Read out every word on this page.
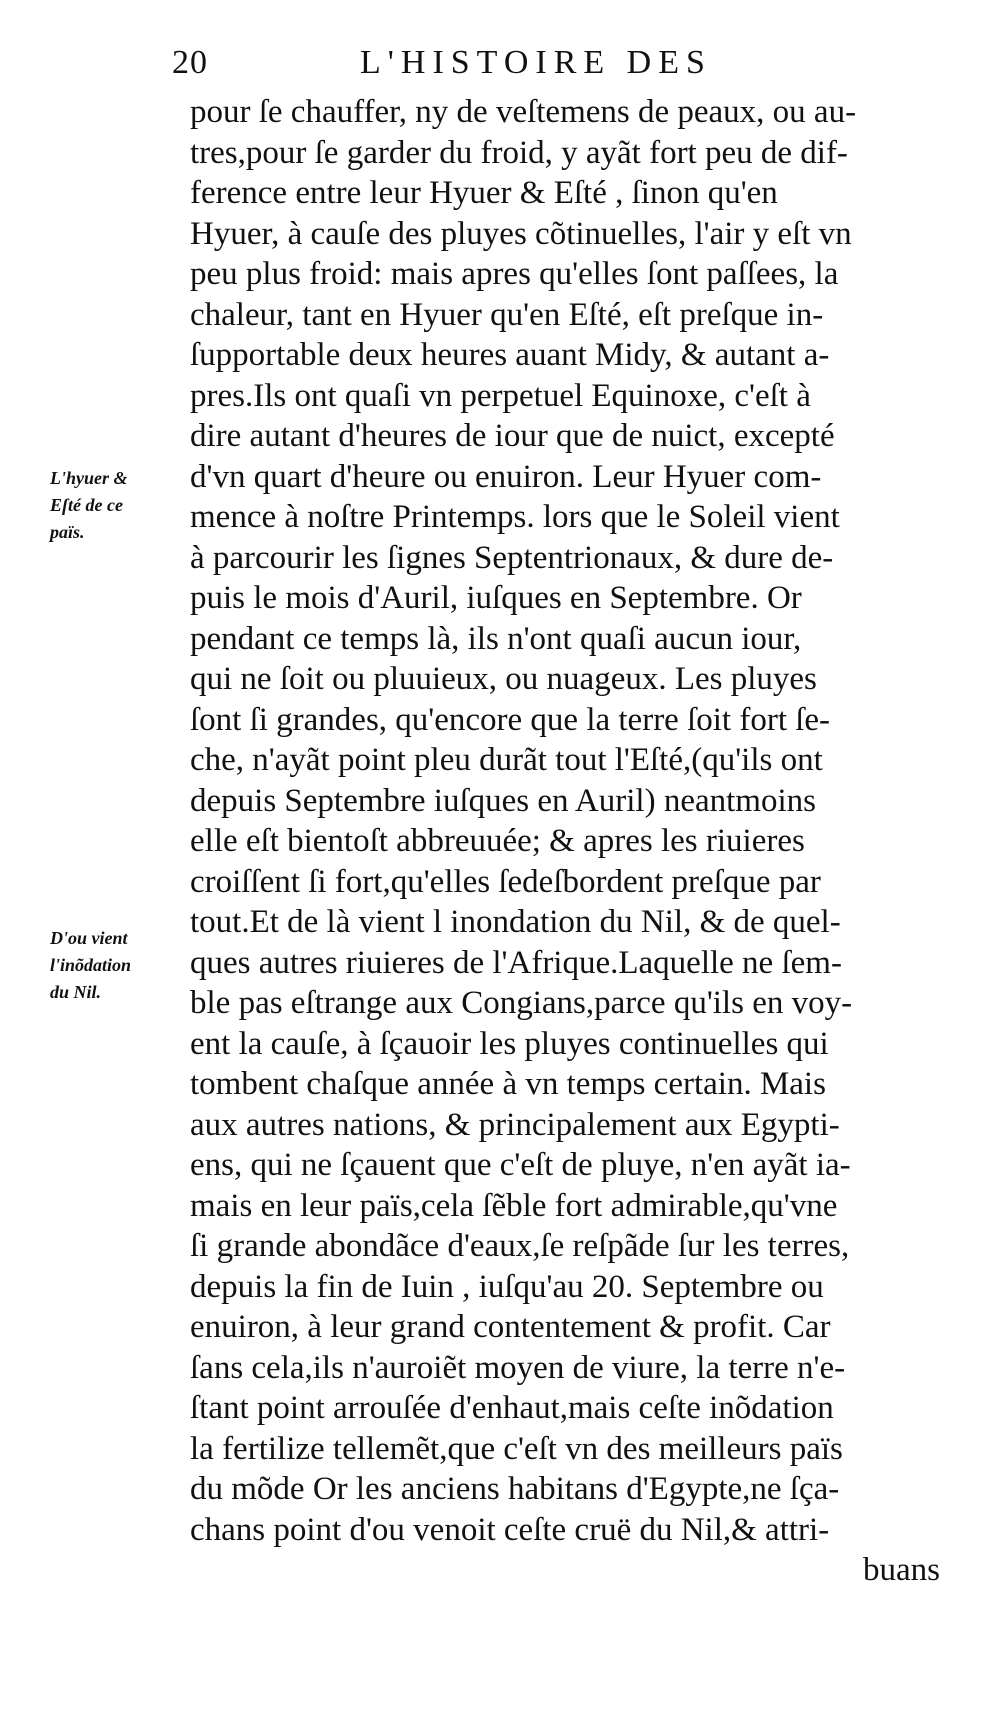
20	L'HISTOIRE DES
L'hyuer &
Eſté de ce
païs.
D'ou vient
l'inõdation
du Nil.
pour ſe chauffer, ny de veſtemens de peaux, ou au-
tres,pour ſe garder du froid, y ayãt fort peu de dif-
ference entre leur Hyuer & Eſté , ſinon qu'en
Hyuer, à cauſe des pluyes cõtinuelles, l'air y eſt vn
peu plus froid: mais apres qu'elles ſont paſſees, la
chaleur, tant en Hyuer qu'en Eſté, eſt preſque in-
ſupportable deux heures auant Midy, & autant a-
pres.Ils ont quaſi vn perpetuel Equinoxe, c'eſt à
dire autant d'heures de iour que de nuict, excepté
d'vn quart d'heure ou enuiron. Leur Hyuer com-
mence à noſtre Printemps. lors que le Soleil vient
à parcourir les ſignes Septentrionaux, & dure de-
puis le mois d'Auril, iuſques en Septembre. Or
pendant ce temps là, ils n'ont quaſi aucun iour,
qui ne ſoit ou pluuieux, ou nuageux. Les pluyes
ſont ſi grandes, qu'encore que la terre ſoit fort ſe-
che, n'ayãt point pleu durãt tout l'Eſté,(qu'ils ont
depuis Septembre iuſques en Auril) neantmoins
elle eſt bientoſt abbreuuée; & apres les riuieres
croiſſent ſi fort,qu'elles ſedeſbordent preſque par
tout.Et de là vient l inondation du Nil, & de quel-
ques autres riuieres de l'Afrique.Laquelle ne ſem-
ble pas eſtrange aux Congians,parce qu'ils en voy-
ent la cauſe, à ſçauoir les pluyes continuelles qui
tombent chaſque année à vn temps certain. Mais
aux autres nations, & principalement aux Egypti-
ens, qui ne ſçauent que c'eſt de pluye, n'en ayãt ia-
mais en leur païs,cela ſẽble fort admirable,qu'vne
ſi grande abondãce d'eaux,ſe reſpãde ſur les terres,
depuis la fin de Iuin , iuſqu'au 20. Septembre ou
enuiron, à leur grand contentement & profit. Car
ſans cela,ils n'auroiẽt moyen de viure, la terre n'e-
ſtant point arrouſée d'enhaut,mais ceſte inõdation
la fertilize tellemẽt,que c'eſt vn des meilleurs païs
du mõde Or les anciens habitans d'Egypte,ne ſça-
chans point d'ou venoit ceſte cruë du Nil,& attri-
buans
